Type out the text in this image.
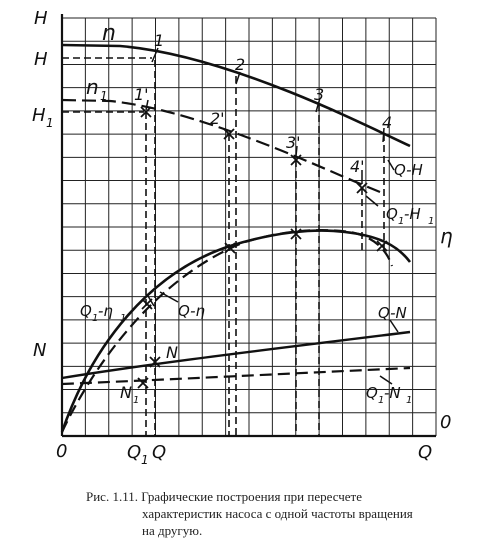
H
H
H 1
N
η
0
0
Q
Q 1 Q
n
n 1
1
2
3
4
1'
2'
3'
4' Q-H
Q 1 -H 1
Q 1 -η 1	Q-η	Q-N
Q 1 -N 1
N
N 1
Рис. 1.11. Графические построения при пересчете
характеристик насоса с одной частоты вращения
на другую.
